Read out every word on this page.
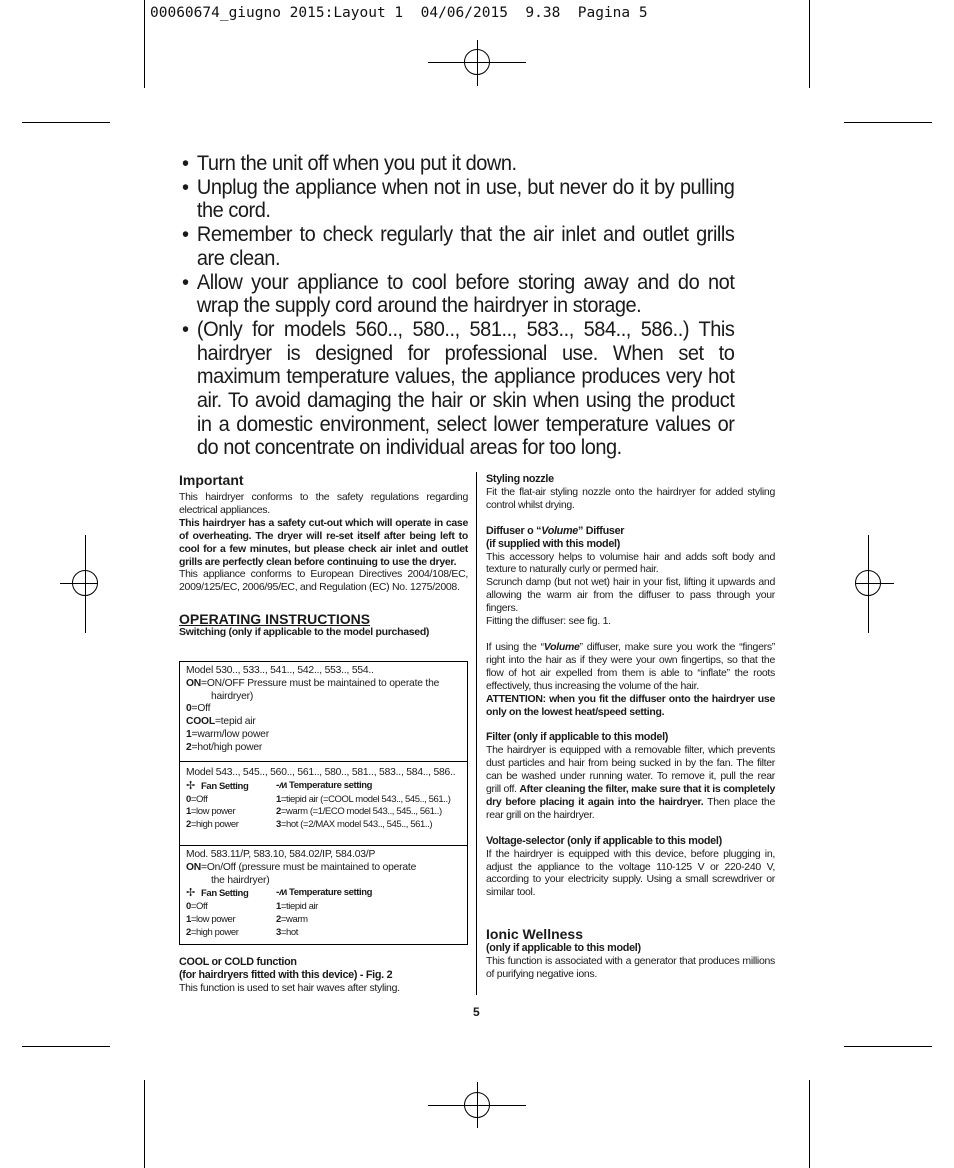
00060674_giugno 2015:Layout 1  04/06/2015  9.38  Pagina 5
• Turn the unit off when you put it down.
• Unplug the appliance when not in use, but never do it by pulling the cord.
• Remember to check regularly that the air inlet and outlet grills are clean.
• Allow your appliance to cool before storing away and do not wrap the supply cord around the hairdryer in storage.
• (Only for models 560.., 580.., 581.., 583.., 584.., 586..) This hairdryer is designed for professional use. When set to maximum temperature values, the appliance produces very hot air. To avoid damaging the hair or skin when using the product in a domestic environment, select lower temperature values or do not concentrate on individual areas for too long.
Important

This hairdryer conforms to the safety regulations regarding electrical appliances.

This hairdryer has a safety cut-out which will operate in case of overheating. The dryer will re-set itself after being left to cool for a few minutes, but please check air inlet and outlet grills are perfectly clean before continuing to use the dryer.

This appliance conforms to European Directives 2004/108/EC, 2009/125/EC, 2006/95/EC, and Regulation (EC) No. 1275/2008.

OPERATING INSTRUCTIONS
Switching (only if applicable to the model purchased)
Model 530.., 533.., 541.., 542.., 553.., 554..
ON=ON/OFF Pressure must be maintained to operate the
hairdryer)
0=Off
COOL=tepid air
1=warm/low power
2=hot/high power
Model 543.., 545.., 560.., 561.., 580.., 581.., 583.., 584.., 586..
✢ Fan Setting	-ʍ Temperature setting
0=Off	1=tiepid air (=COOL model 543.., 545.., 561..)
1=low power	2=warm (=1/ECO model 543.., 545.., 561..)
2=high power	3=hot (=2/MAX model 543.., 545.., 561..)
Mod. 583.11/P, 583.10, 584.02/IP, 584.03/P
ON=On/Off (pressure must be maintained to operate
the hairdryer)
✢ Fan Setting	-ʍ Temperature setting
0=Off	1=tiepid air
1=low power	2=warm
2=high power	3=hot
COOL or COLD function
(for hairdryers fitted with this device) - Fig. 2

This function is used to set hair waves after styling.

Styling nozzle

Fit the flat-air styling nozzle onto the hairdryer for added styling control whilst drying.

Diffuser o “Volume” Diffuser
(if supplied with this model)

This accessory helps to volumise hair and adds soft body and texture to naturally curly or permed hair.

Scrunch damp (but not wet) hair in your fist, lifting it upwards and allowing the warm air from the diffuser to pass through your fingers.

Fitting the diffuser: see fig. 1.

If using the “Volume” diffuser, make sure you work the “fingers” right into the hair as if they were your own fingertips, so that the flow of hot air expelled from them is able to “inflate” the roots effectively, thus increasing the volume of the hair.

ATTENTION: when you fit the diffuser onto the hairdryer use only on the lowest heat/speed setting.

Filter (only if applicable to this model)

The hairdryer is equipped with a removable filter, which prevents dust particles and hair from being sucked in by the fan. The filter can be washed under running water. To remove it, pull the rear grill off. After cleaning the filter, make sure that it is completely dry before placing it again into the hairdryer. Then place the rear grill on the hairdryer.

Voltage-selector (only if applicable to this model)

If the hairdryer is equipped with this device, before plugging in, adjust the appliance to the voltage 110-125 V or 220-240 V, according to your electricity supply. Using a small screwdriver or similar tool.

Ionic Wellness
(only if applicable to this model)

This function is associated with a generator that produces millions of purifying negative ions.

5
